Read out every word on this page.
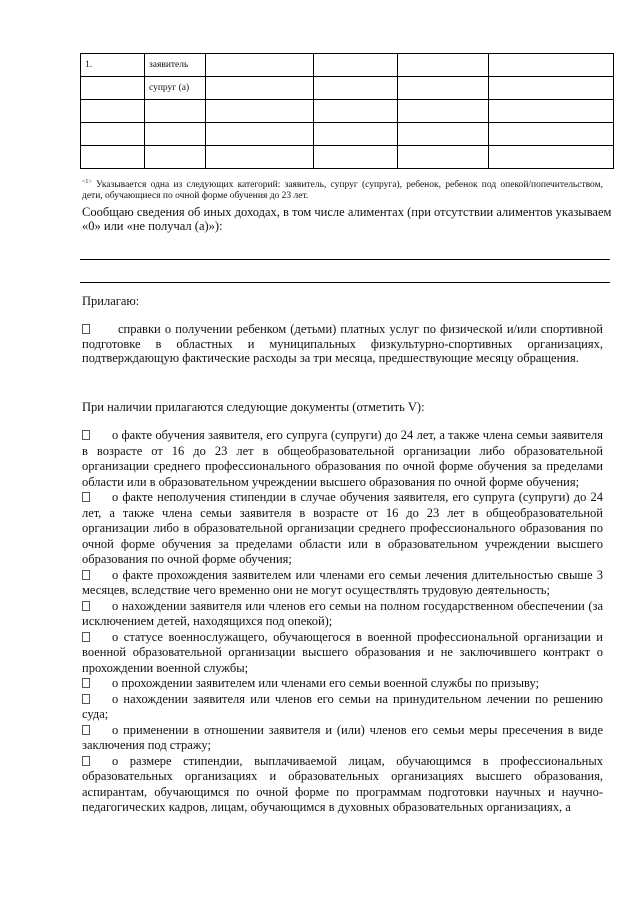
1.	заявитель				
	супруг (а)				

$^{<1>}$ Указывается одна из следующих категорий: заявитель, супруг (супруга), ребенок, ребенок под опекой/попечительством, дети, обучающиеся по очной форме обучения до 23 лет.
Сообщаю сведения об иных доходах, в том числе алиментах (при отсутствии алиментов указываем «0» или «не получал (а)»):
Прилагаю:
справки о получении ребенком (детьми) платных услуг по физической и/или спортивной подготовке в областных и муниципальных физкультурно-спортивных организациях, подтверждающую фактические расходы за три месяца, предшествующие месяцу обращения.
При наличии прилагаются следующие документы (отметить V):

о факте обучения заявителя, его супруга (супруги) до 24 лет, а также члена семьи заявителя в возрасте от 16 до 23 лет в общеобразовательной организации либо образовательной организации среднего профессионального образования по очной форме обучения за пределами области или в образовательном учреждении высшего образования по очной форме обучения;

о факте неполучения стипендии в случае обучения заявителя, его супруга (супруги) до 24 лет, а также члена семьи заявителя в возрасте от 16 до 23 лет в общеобразовательной организации либо в образовательной организации среднего профессионального образования по очной форме обучения за пределами области или в образовательном учреждении высшего образования по очной форме обучения;

о факте прохождения заявителем или членами его семьи лечения длительностью свыше 3 месяцев, вследствие чего временно они не могут осуществлять трудовую деятельность;

о нахождении заявителя или членов его семьи на полном государственном обеспечении (за исключением детей, находящихся под опекой);

о статусе военнослужащего, обучающегося в военной профессиональной организации и военной образовательной организации высшего образования и не заключившего контракт о прохождении военной службы;

о прохождении заявителем или членами его семьи военной службы по призыву;

о нахождении заявителя или членов его семьи на принудительном лечении по решению суда;

о применении в отношении заявителя и (или) членов его семьи меры пресечения в виде заключения под стражу;

о размере стипендии, выплачиваемой лицам, обучающимся в профессиональных образовательных организациях и образовательных организациях высшего образования, аспирантам, обучающимся по очной форме по программам подготовки научных и научно-педагогических кадров, лицам, обучающимся в духовных образовательных организациях, а
